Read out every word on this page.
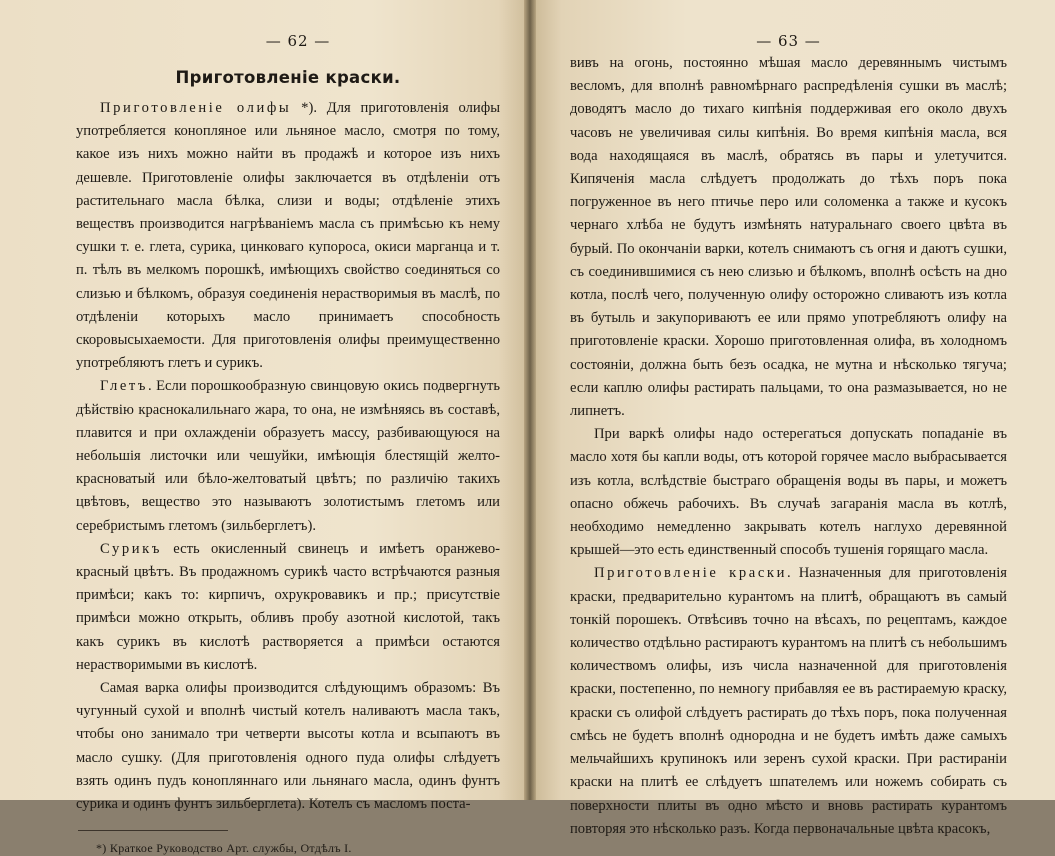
— 62 —
Приготовленіе краски.

Приготовленіе олифы *). Для приготовленія олифы употребляется конопляное или льняное масло, смотря по тому, какое изъ нихъ можно найти въ продажѣ и которое изъ нихъ дешевле. Приготовленіе олифы заключается въ отдѣленіи отъ растительнаго масла бѣлка, слизи и воды; отдѣленіе этихъ веществъ производится нагрѣваніемъ масла съ примѣсью къ нему сушки т. е. глета, сурика, цинковаго купороса, окиси марганца и т. п. тѣлъ въ мелкомъ порошкѣ, имѣющихъ свойство соединяться со слизью и бѣлкомъ, образуя соединенія нерастворимыя въ маслѣ, по отдѣленіи которыхъ масло принимаетъ способность скоровысыхаемости. Для приготовленія олифы преимущественно употребляютъ глетъ и сурикъ.

Глетъ. Если порошкообразную свинцовую окись подвергнуть дѣйствію краснокалильнаго жара, то она, не измѣняясь въ составѣ, плавится и при охлажденіи образуетъ массу, разбивающуюся на небольшія листочки или чешуйки, имѣющія блестящій желто-красноватый или бѣло-желтоватый цвѣтъ; по различію такихъ цвѣтовъ, вещество это называютъ золотистымъ глетомъ или серебристымъ глетомъ (зильберглетъ).

Сурикъ есть окисленный свинецъ и имѣетъ оранжево-красный цвѣтъ. Въ продажномъ сурикѣ часто встрѣчаются разныя примѣси; какъ то: кирпичъ, охрукровавикъ и пр.; присутствіе примѣси можно открыть, обливъ пробу азотной кислотой, такъ какъ сурикъ въ кислотѣ растворяется а примѣси остаются нерастворимыми въ кислотѣ.

Самая варка олифы производится слѣдующимъ образомъ: Въ чугунный сухой и вполнѣ чистый котелъ наливаютъ масла такъ, чтобы оно занимало три четверти высоты котла и всыпаютъ въ масло сушку. (Для приготовленія одного пуда олифы слѣдуетъ взять одинъ пудъ конопляннаго или льнянаго масла, одинъ фунтъ сурика и одинъ фунтъ зильберглета). Котелъ съ масломъ поста-

*) Краткое Руководство Арт. службы, Отдѣлъ I.
— 63 —

вивъ на огонь, постоянно мѣшая масло деревяннымъ чистымъ весломъ, для вполнѣ равномѣрнаго распредѣленія сушки въ маслѣ; доводятъ масло до тихаго кипѣнія поддерживая его около двухъ часовъ не увеличивая силы кипѣнія. Во время кипѣнія масла, вся вода находящаяся въ маслѣ, обратясь въ пары и улетучится. Кипяченія масла слѣдуетъ продолжать до тѣхъ поръ пока погруженное въ него птичье перо или соломенка а также и кусокъ чернаго хлѣба не будутъ измѣнять натуральнаго своего цвѣта въ бурый. По окончаніи варки, котелъ снимаютъ съ огня и даютъ сушки, съ соединившимися съ нею слизью и бѣлкомъ, вполнѣ осѣсть на дно котла, послѣ чего, полученную олифу осторожно сливаютъ изъ котла въ бутыль и закупориваютъ ее или прямо употребляютъ олифу на приготовленіе краски. Хорошо приготовленная олифа, въ холодномъ состояніи, должна быть безъ осадка, не мутна и нѣсколько тягуча; если каплю олифы растирать пальцами, то она размазывается, но не липнетъ.

При варкѣ олифы надо остерегаться допускать попаданіе въ масло хотя бы капли воды, отъ которой горячее масло выбрасывается изъ котла, вслѣдствіе быстраго обращенія воды въ пары, и можетъ опасно обжечь рабочихъ. Въ случаѣ загаранія масла въ котлѣ, необходимо немедленно закрывать котелъ наглухо деревянной крышей—это есть единственный способъ тушенія горящаго масла.

Приготовленіе краски. Назначенныя для приготовленія краски, предварительно курантомъ на плитѣ, обращаютъ въ самый тонкій порошекъ. Отвѣсивъ точно на вѣсахъ, по рецептамъ, каждое количество отдѣльно растираютъ курантомъ на плитѣ съ небольшимъ количествомъ олифы, изъ числа назначенной для приготовленія краски, постепенно, по немногу прибавляя ее въ растираемую краску, краски съ олифой слѣдуетъ растирать до тѣхъ поръ, пока полученная смѣсь не будетъ вполнѣ однородна и не будетъ имѣть даже самыхъ мельчайшихъ крупинокъ или зеренъ сухой краски. При растираніи краски на плитѣ ее слѣдуетъ шпателемъ или ножемъ собирать съ поверхности плиты въ одно мѣсто и вновь растирать курантомъ повторяя это нѣсколько разъ. Когда первоначальные цвѣта красокъ,
